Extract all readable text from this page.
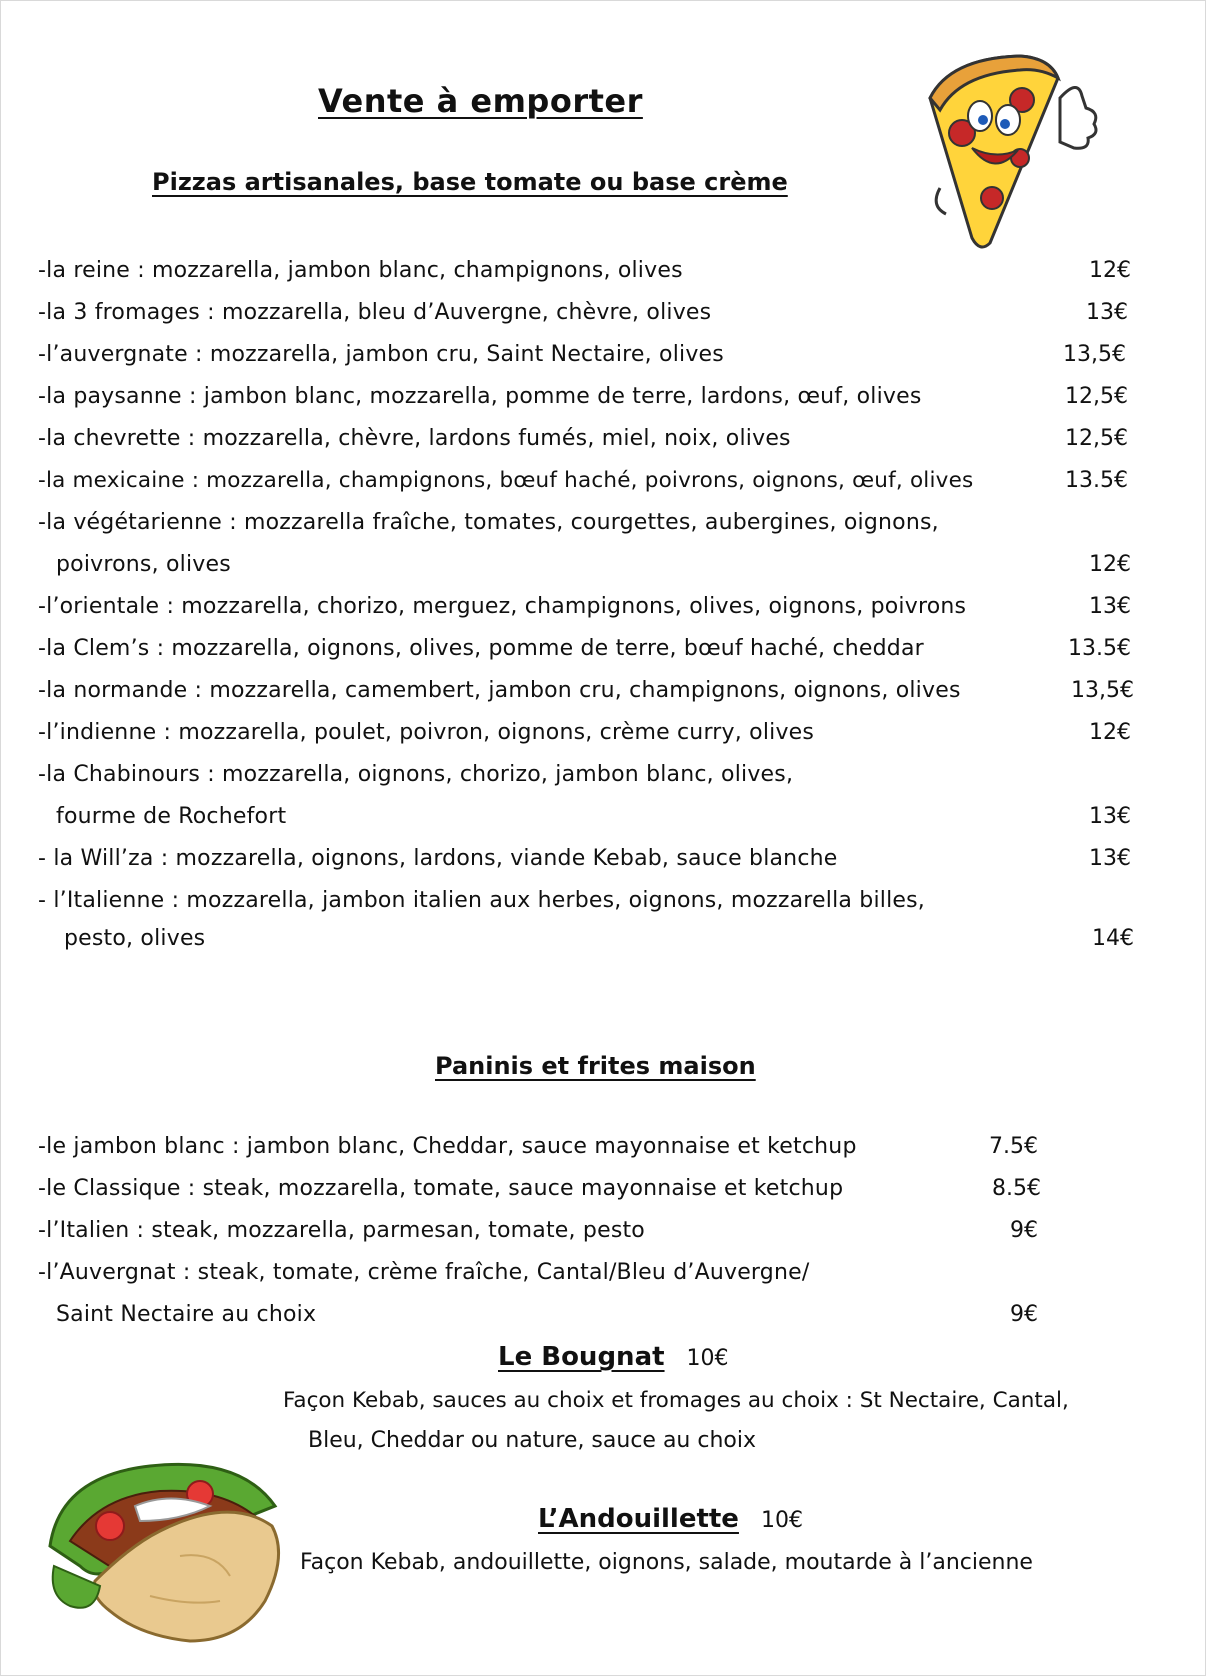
Vente à emporter
Pizzas artisanales, base tomate ou base crème
-la reine : mozzarella, jambon blanc, champignons, olives	12€
-la 3 fromages : mozzarella, bleu d’Auvergne, chèvre, olives	13€
-l’auvergnate : mozzarella, jambon cru, Saint Nectaire, olives	13,5€
-la paysanne : jambon blanc, mozzarella, pomme de terre, lardons, œuf, olives	12,5€
-la chevrette : mozzarella, chèvre, lardons fumés, miel, noix, olives	12,5€
-la mexicaine : mozzarella, champignons, bœuf haché, poivrons, oignons, œuf, olives	13.5€
-la végétarienne : mozzarella fraîche, tomates, courgettes, aubergines, oignons,
poivrons, olives	12€
-l’orientale : mozzarella, chorizo, merguez, champignons, olives, oignons, poivrons	13€
-la Clem’s : mozzarella, oignons, olives, pomme de terre, bœuf haché, cheddar	13.5€
-la normande : mozzarella, camembert, jambon cru, champignons, oignons, olives	13,5€
-l’indienne : mozzarella, poulet, poivron, oignons, crème curry, olives	12€
-la Chabinours : mozzarella, oignons, chorizo, jambon blanc, olives,
fourme de Rochefort	13€
- la Will’za : mozzarella, oignons, lardons, viande Kebab, sauce blanche	13€
- l’Italienne : mozzarella, jambon italien aux herbes, oignons, mozzarella billes,
pesto, olives	14€
Paninis et frites maison
-le jambon blanc : jambon blanc, Cheddar, sauce mayonnaise et ketchup	7.5€
-le Classique : steak, mozzarella, tomate, sauce mayonnaise et ketchup	8.5€
-l’Italien : steak, mozzarella, parmesan, tomate, pesto	9€
-l’Auvergnat : steak, tomate, crème fraîche, Cantal/Bleu d’Auvergne/
Saint Nectaire au choix	9€
Le Bougnat 10€
Façon Kebab, sauces au choix et fromages au choix : St Nectaire, Cantal,
Bleu, Cheddar ou nature, sauce au choix
L’Andouillette 10€
Façon Kebab, andouillette, oignons, salade, moutarde à l’ancienne
